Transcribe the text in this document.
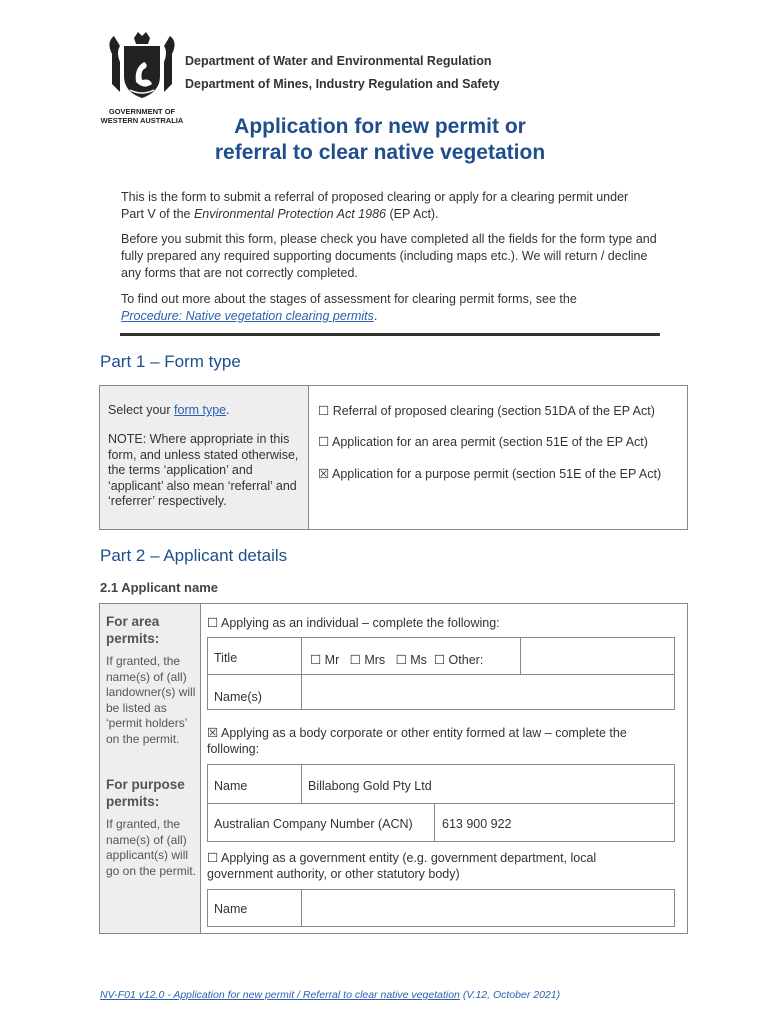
GOVERNMENT OF WESTERN AUSTRALIA
Department of Water and Environmental Regulation
Department of Mines, Industry Regulation and Safety
Application for new permit or
referral to clear native vegetation
This is the form to submit a referral of proposed clearing or apply for a clearing permit under
Part V of the Environmental Protection Act 1986 (EP Act).
Before you submit this form, please check you have completed all the fields for the form type and fully prepared any required supporting documents (including maps etc.). We will return / decline any forms that are not correctly completed.
To find out more about the stages of assessment for clearing permit forms, see the
Procedure: Native vegetation clearing permits.
Part 1 – Form type
Select your form type.
NOTE: Where appropriate in this form, and unless stated otherwise, the terms ‘application’ and ‘applicant’ also mean ‘referral’ and ‘referrer’ respectively.
☐ Referral of proposed clearing (section 51DA of the EP Act)
☐ Application for an area permit (section 51E of the EP Act)
☒ Application for a purpose permit (section 51E of the EP Act)
Part 2 – Applicant details
2.1 Applicant name
For area permits:
If granted, the name(s) of (all) landowner(s) will be listed as ‘permit holders’ on the permit.
For purpose permits:
If granted, the name(s) of (all) applicant(s) will go on the permit.
☐ Applying as an individual – complete the following:
Title	☐ Mr   ☐ Mrs   ☐ Ms  ☐ Other:
Name(s)
☒ Applying as a body corporate or other entity formed at law – complete the following:
Name	Billabong Gold Pty Ltd
Australian Company Number (ACN) 613 900 922
☐ Applying as a government entity (e.g. government department, local government authority, or other statutory body)
Name
NV-F01 v12.0 - Application for new permit / Referral to clear native vegetation (V.12, October 2021)
